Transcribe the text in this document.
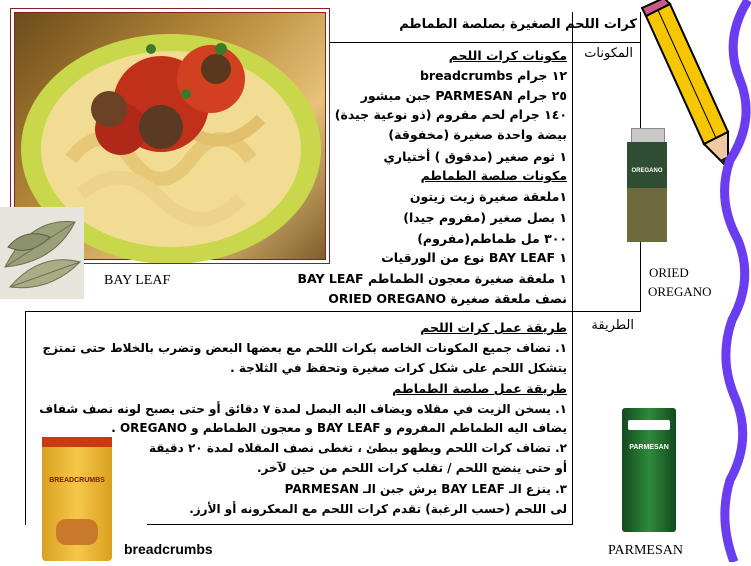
كرات اللحم الصغيرة بصلصة الطماطم
المكونات
الطريقة
مكونات كرات اللحم
١٢ جرام breadcrumbs
٢٥ جرام PARMESAN جبن مبشور
١٤٠ جرام لحم مفروم (ذو نوعية جيدة)
بيضة واحدة صغيرة (مخفوقة)
١ ثوم صغير (مدقوق ) أختياري
مكونات صلصة الطماطم
١ملعقة صغيرة زيت زيتون
١ بصل صغير (مفروم جيدا)
٣٠٠ مل طماطم(مفروم)
١ BAY LEAF نوع من الورقيات
١ ملعقة صغيرة معجون الطماطم BAY LEAF
نصف ملعقة صغيرة ORIED OREGANO
طريقة عمل كرات اللحم
١. تضاف جميع المكونات الخاصه بكرات اللحم مع بعضها البعض وتضرب بالخلاط حتى تمتزج
يتشكل اللحم على شكل كرات صغيرة وتحفظ في الثلاجة .
طريقة عمل صلصة الطماطم
١. يسخن الزيت في مقلاه ويضاف اليه البصل لمدة ٧ دقائق أو حتى يصبح لونه نصف شفاف
يضاف اليه الطماطم المفروم و BAY LEAF و معجون الطماطم و OREGANO .
٢. تضاف كرات اللحم ويطهو ببطئ ، تغطى نصف المقلاه لمدة ٢٠ دقيقة
أو حتى ينضج اللحم / تقلب كرات اللحم من حين لآخر.
٣. ينزع الـ BAY LEAF يرش جبن الـ PARMESAN
لى اللحم (حسب الرغبة) تقدم كرات اللحم مع المعكرونه أو الأرز.
BAY LEAF
OREGANO
ORIED
OREGANO
BREADCRUMBS
breadcrumbs
PARMESAN
PARMESAN
